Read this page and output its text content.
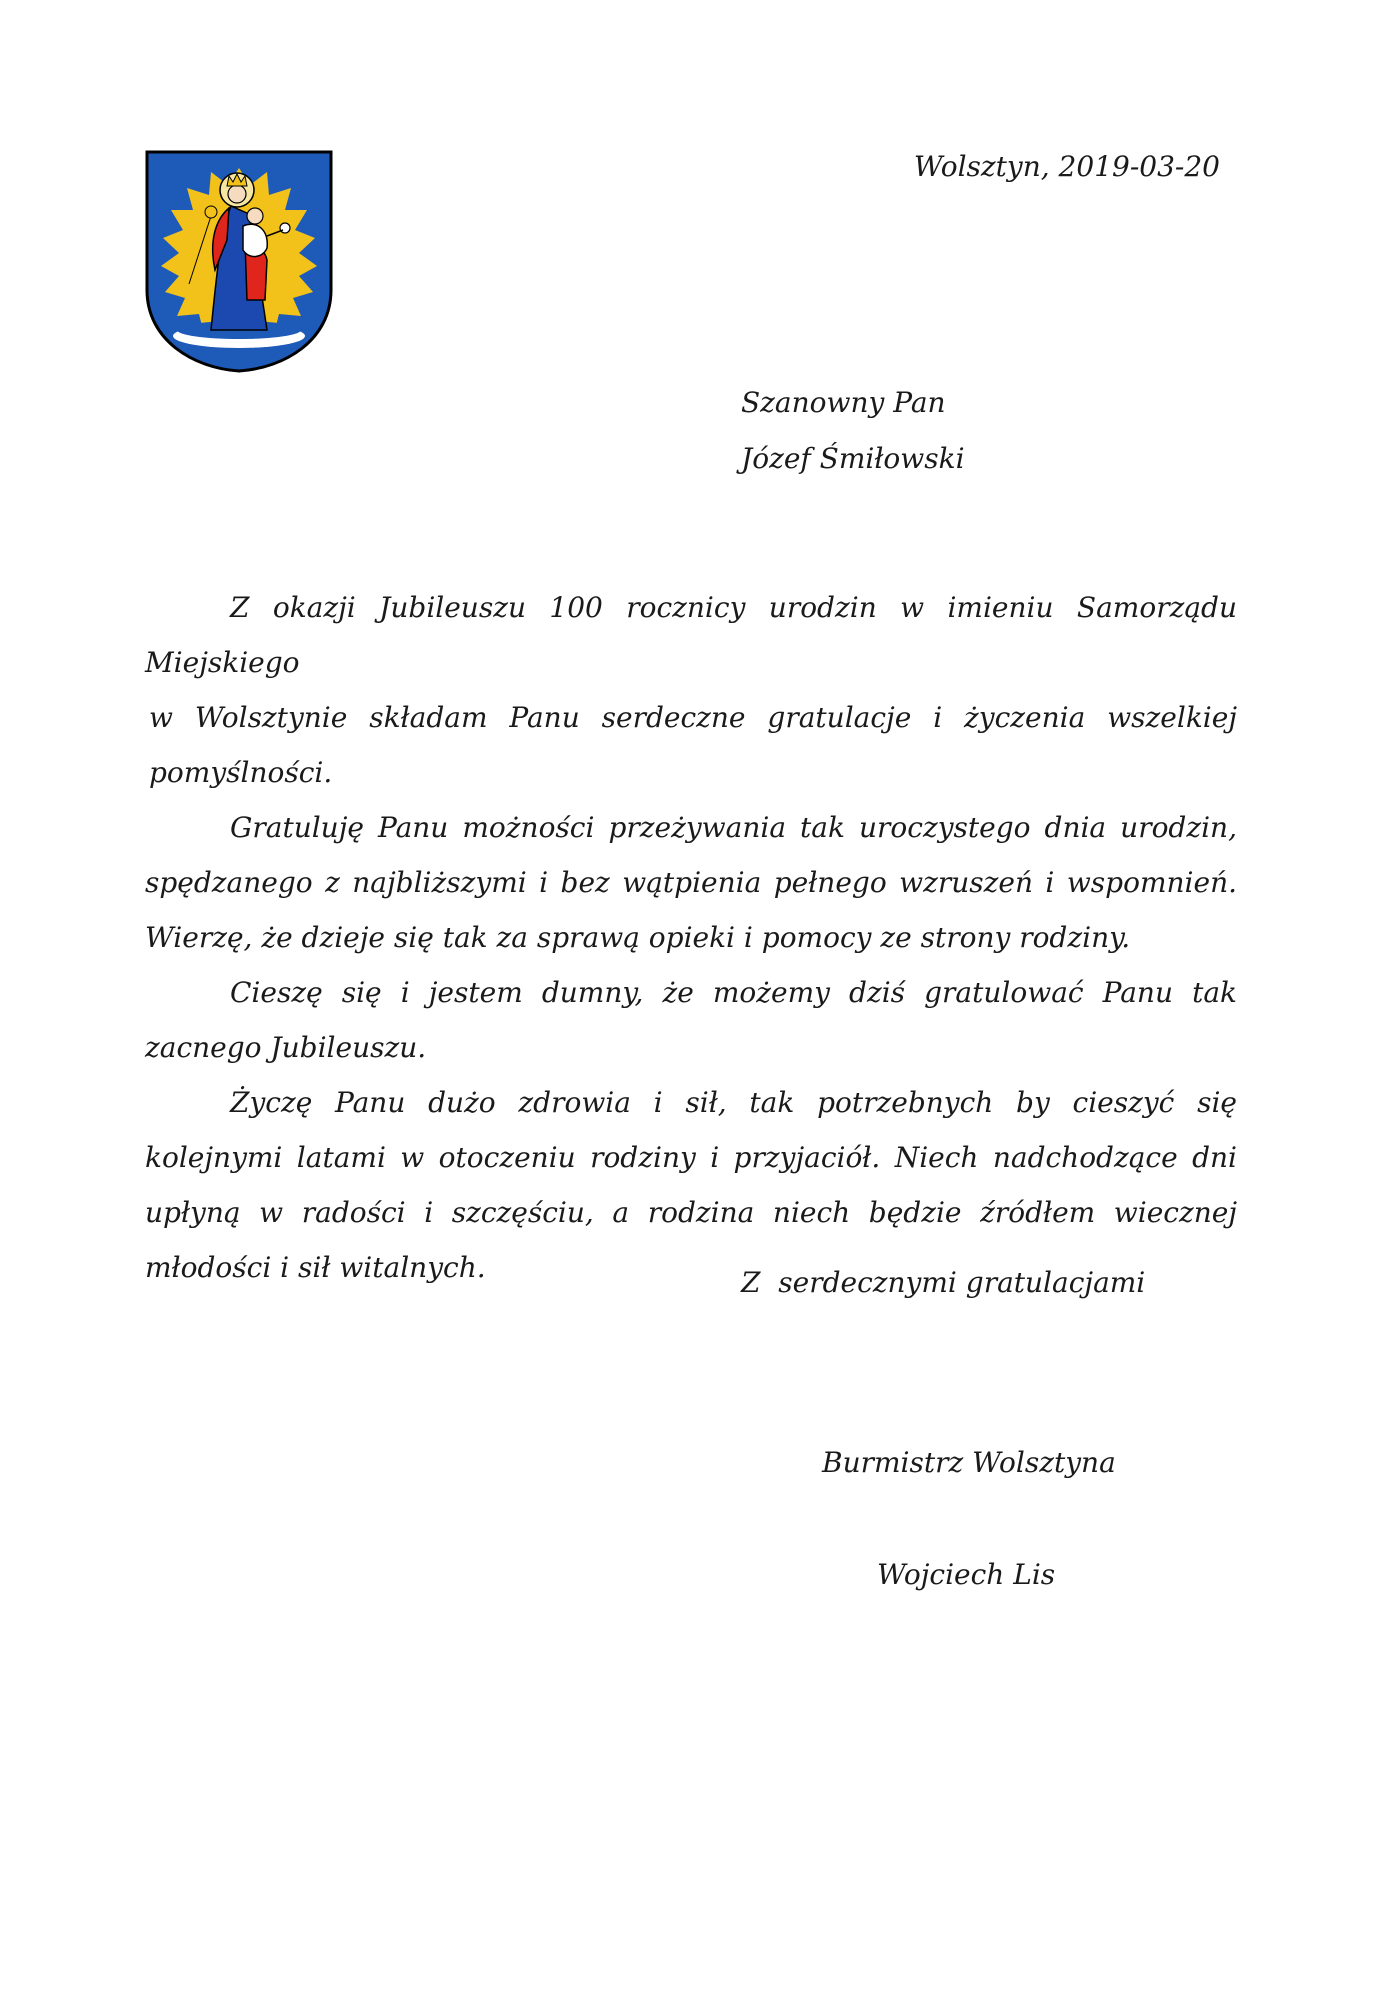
Wolsztyn, 2019-03-20
Szanowny Pan
Józef Śmiłowski

Z okazji Jubileuszu 100 rocznicy urodzin w imieniu Samorządu Miejskiego

w Wolsztynie składam Panu serdeczne gratulacje i życzenia wszelkiej pomyślności.

Gratuluję Panu możności przeżywania tak uroczystego dnia urodzin, spędzanego z najbliższymi i bez wątpienia pełnego wzruszeń i wspomnień. Wierzę, że dzieje się tak za sprawą opieki i pomocy ze strony rodziny.

Cieszę się i jestem dumny, że możemy dziś gratulować Panu tak zacnego Jubileuszu.

Życzę Panu dużo zdrowia i sił, tak potrzebnych by cieszyć się kolejnymi latami w otoczeniu rodziny i przyjaciół. Niech nadchodzące dni upłyną w radości i szczęściu, a rodzina niech będzie źródłem wiecznej młodości i sił witalnych.	Z  serdecznymi gratulacjami
Burmistrz Wolsztyna
Wojciech Lis
